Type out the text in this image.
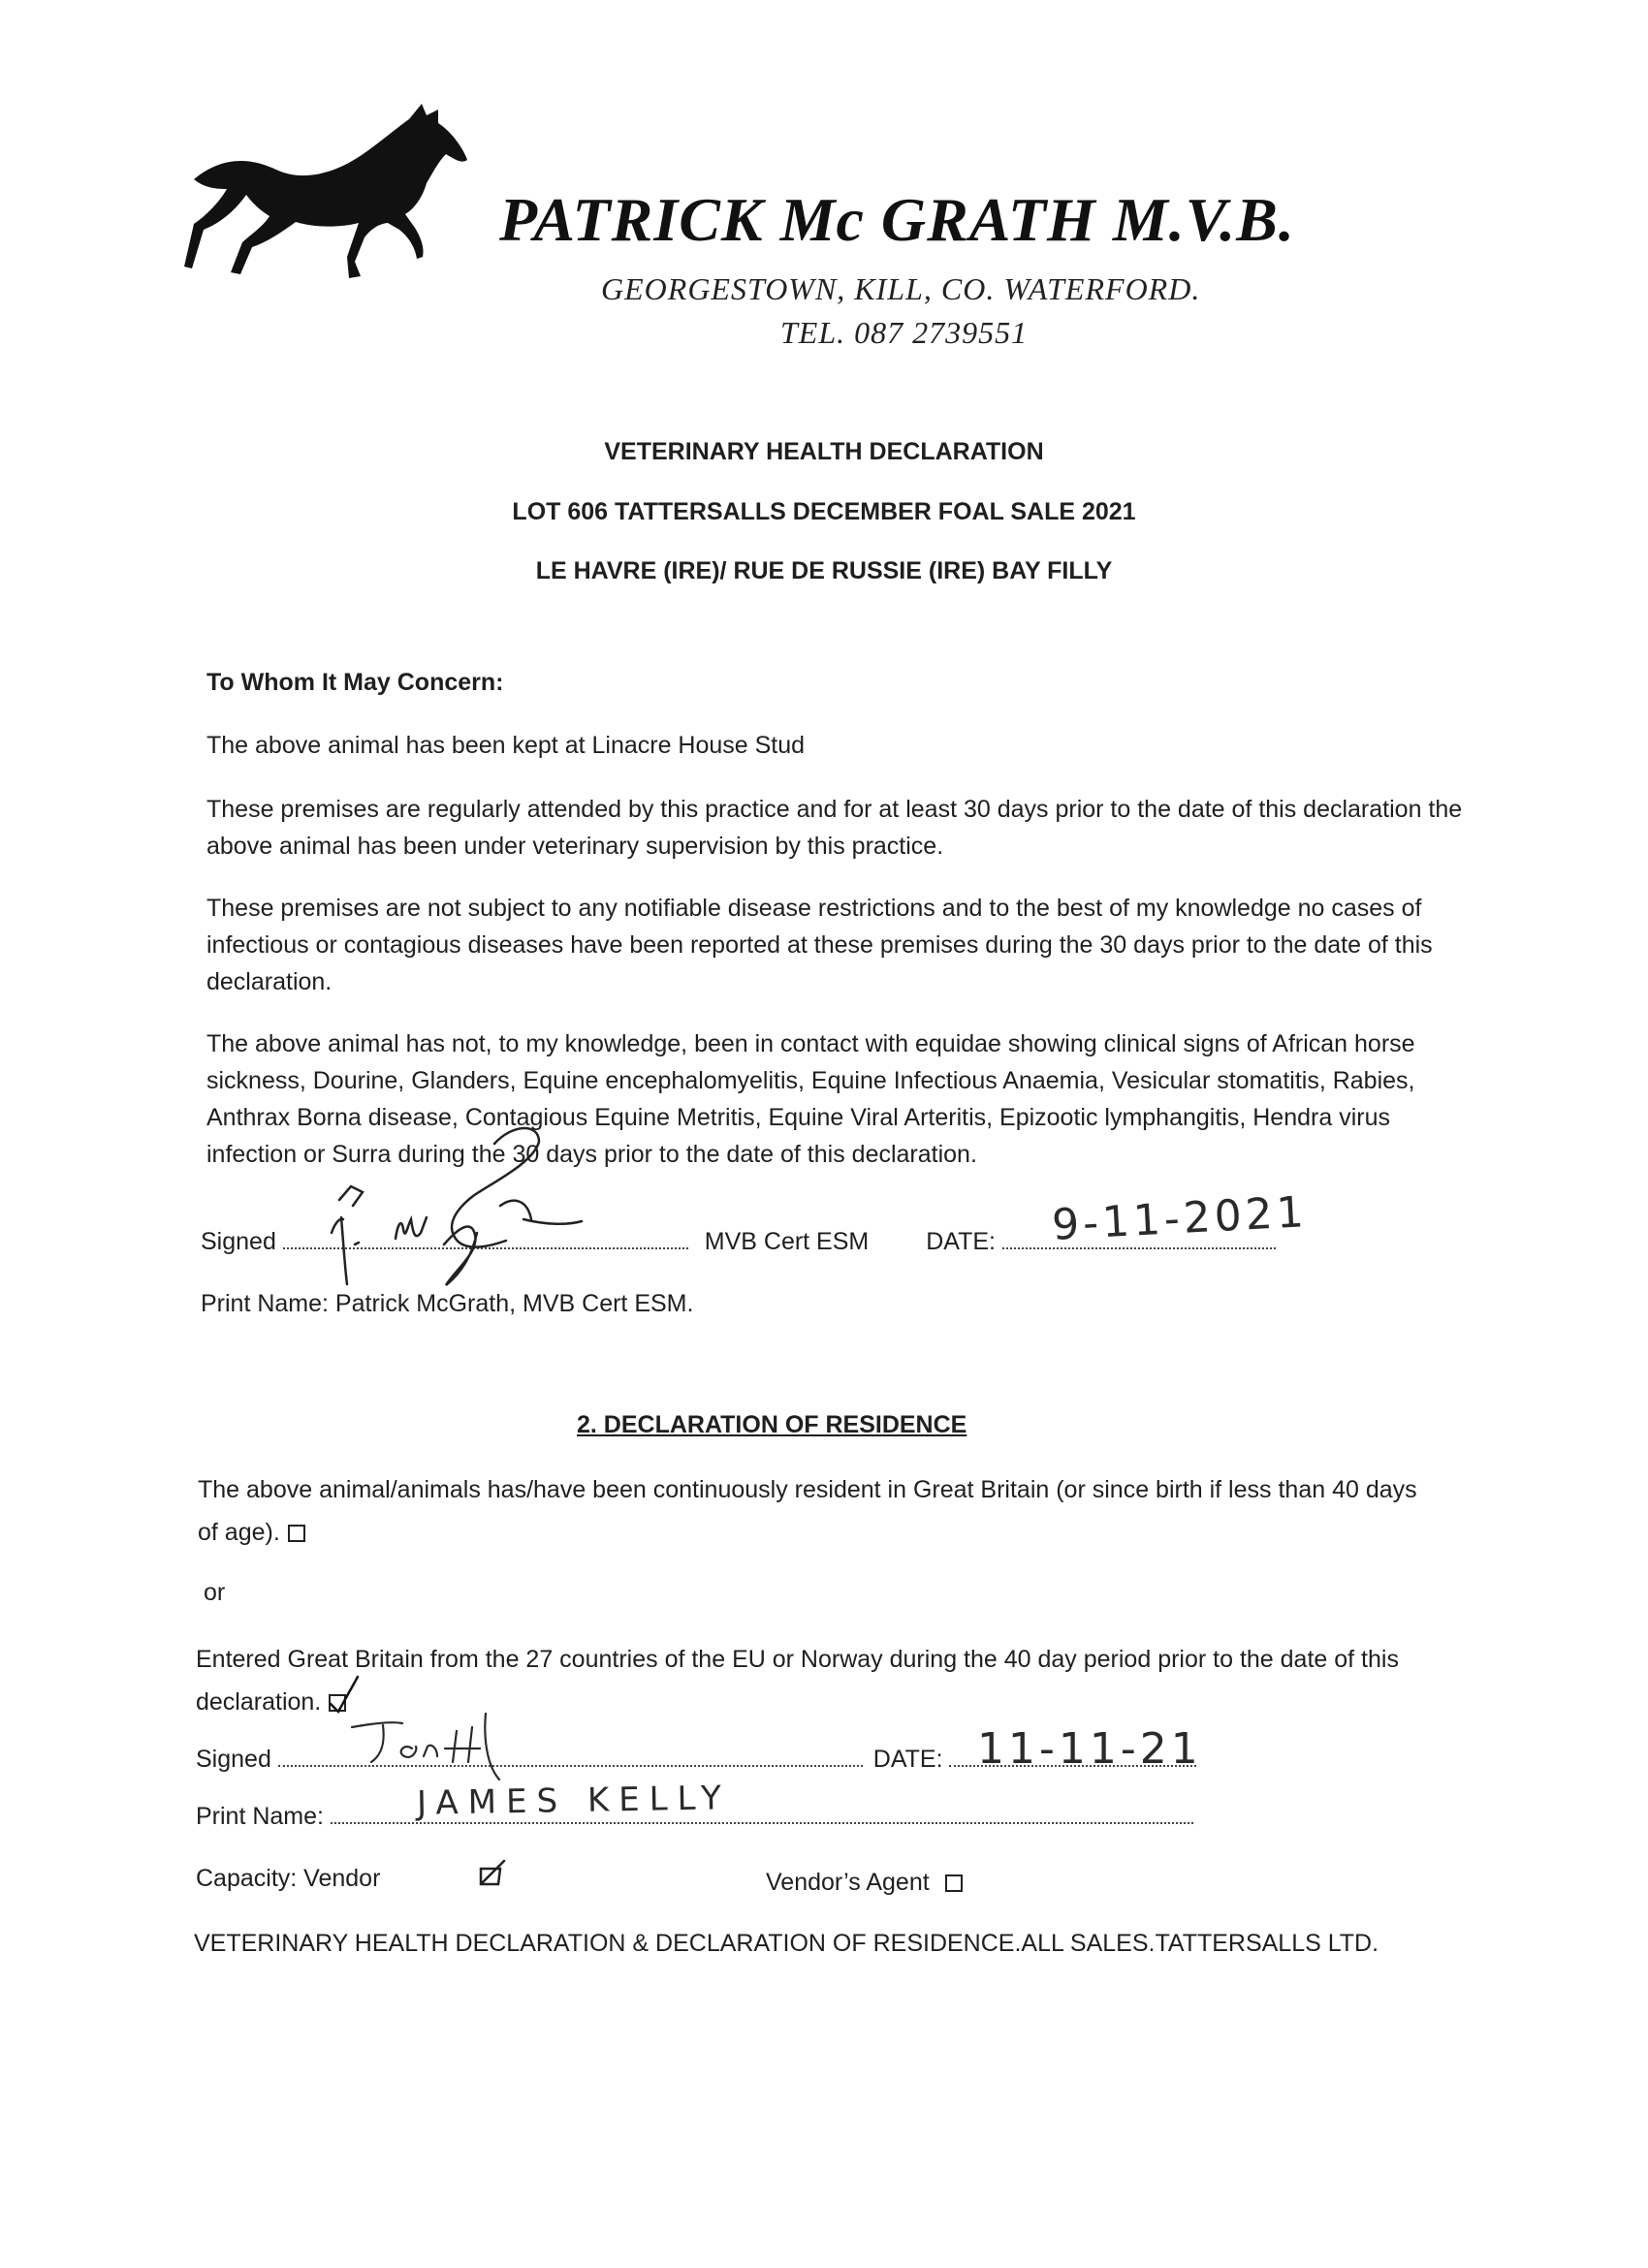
PATRICK Mc GRATH M.V.B.
GEORGESTOWN, KILL, CO. WATERFORD.
TEL. 087 2739551
VETERINARY HEALTH DECLARATION
LOT 606 TATTERSALLS DECEMBER FOAL SALE 2021
LE HAVRE (IRE)/ RUE DE RUSSIE (IRE) BAY FILLY
To Whom It May Concern:
The above animal has been kept at Linacre House Stud
These premises are regularly attended by this practice and for at least 30 days prior to the date of this declaration the above animal has been under veterinary supervision by this practice.
These premises are not subject to any notifiable disease restrictions and to the best of my knowledge no cases of infectious or contagious diseases have been reported at these premises during the 30 days prior to the date of this declaration.
The above animal has not, to my knowledge, been in contact with equidae showing clinical signs of African horse sickness, Dourine, Glanders, Equine encephalomyelitis, Equine Infectious Anaemia, Vesicular stomatitis, Rabies, Anthrax Borna disease, Contagious Equine Metritis, Equine Viral Arteritis, Epizootic lymphangitis, Hendra virus infection or Surra during the 30 days prior to the date of this declaration.
Signed	MVB Cert ESM DATE:	9-11-2021
Print Name: Patrick McGrath, MVB Cert ESM.
2. DECLARATION OF RESIDENCE
The above animal/animals has/have been continuously resident in Great Britain (or since birth if less than 40 days of age).
or
Entered Great Britain from the 27 countries of the EU or Norway during the 40 day period prior to the date of this declaration.
Signed	DATE: 11-11-21
Print Name:	JAMES KELLY
Capacity: Vendor	Vendor’s Agent
VETERINARY HEALTH DECLARATION & DECLARATION OF RESIDENCE.ALL SALES.TATTERSALLS LTD.
